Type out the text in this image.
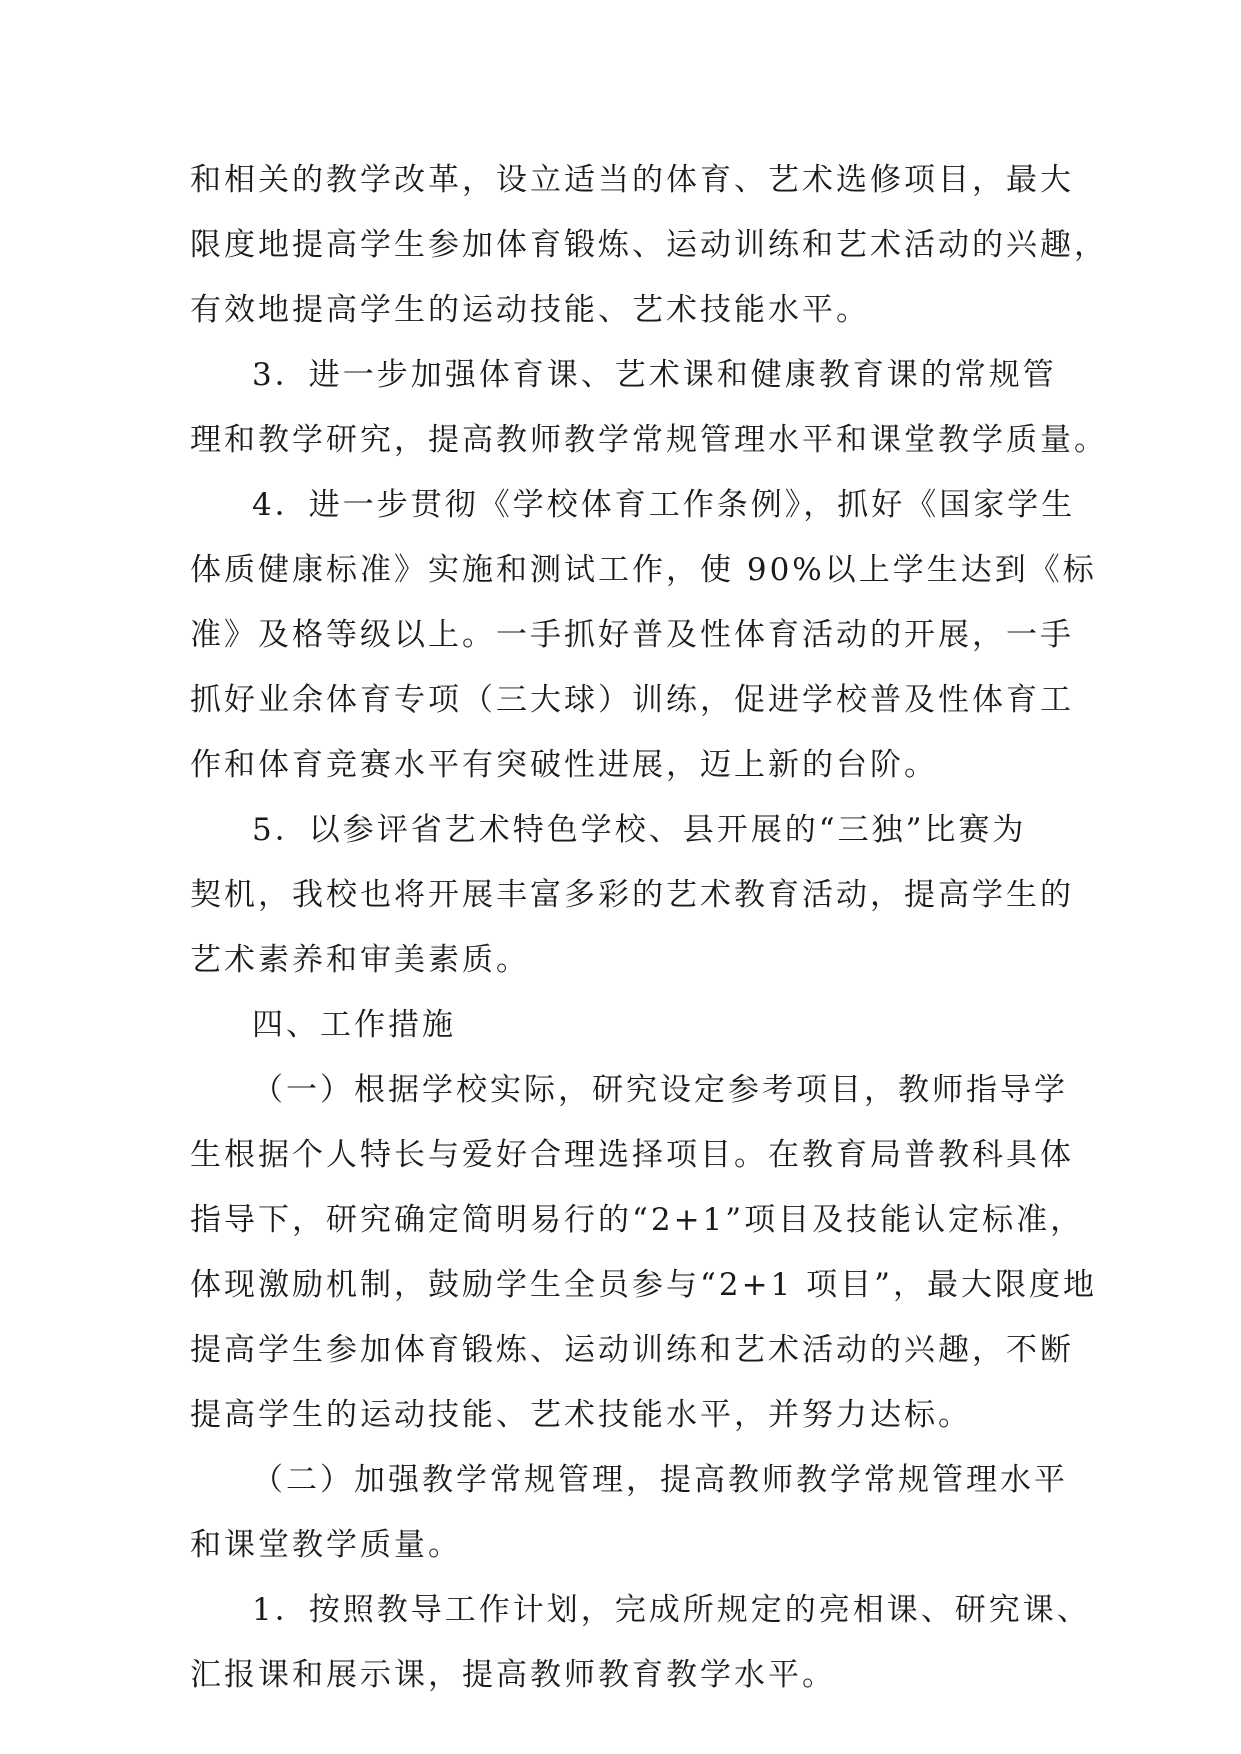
和相关的教学改革，设立适当的体育、艺术选修项目，最大
限度地提高学生参加体育锻炼、运动训练和艺术活动的兴趣，
有效地提高学生的运动技能、艺术技能水平。
3．进一步加强体育课、艺术课和健康教育课的常规管
理和教学研究，提高教师教学常规管理水平和课堂教学质量。
4．进一步贯彻《学校体育工作条例》，抓好《国家学生
体质健康标准》实施和测试工作，使 90%以上学生达到《标
准》及格等级以上。一手抓好普及性体育活动的开展，一手
抓好业余体育专项（三大球）训练，促进学校普及性体育工
作和体育竞赛水平有突破性进展，迈上新的台阶。
5．以参评省艺术特色学校、县开展的“三独”比赛为
契机，我校也将开展丰富多彩的艺术教育活动，提高学生的
艺术素养和审美素质。
四、工作措施
（一）根据学校实际，研究设定参考项目，教师指导学
生根据个人特长与爱好合理选择项目。在教育局普教科具体
指导下，研究确定简明易行的“2+1”项目及技能认定标准，
体现激励机制，鼓励学生全员参与“2+1 项目”，最大限度地
提高学生参加体育锻炼、运动训练和艺术活动的兴趣，不断
提高学生的运动技能、艺术技能水平，并努力达标。
（二）加强教学常规管理，提高教师教学常规管理水平
和课堂教学质量。
1．按照教导工作计划，完成所规定的亮相课、研究课、
汇报课和展示课，提高教师教育教学水平。
